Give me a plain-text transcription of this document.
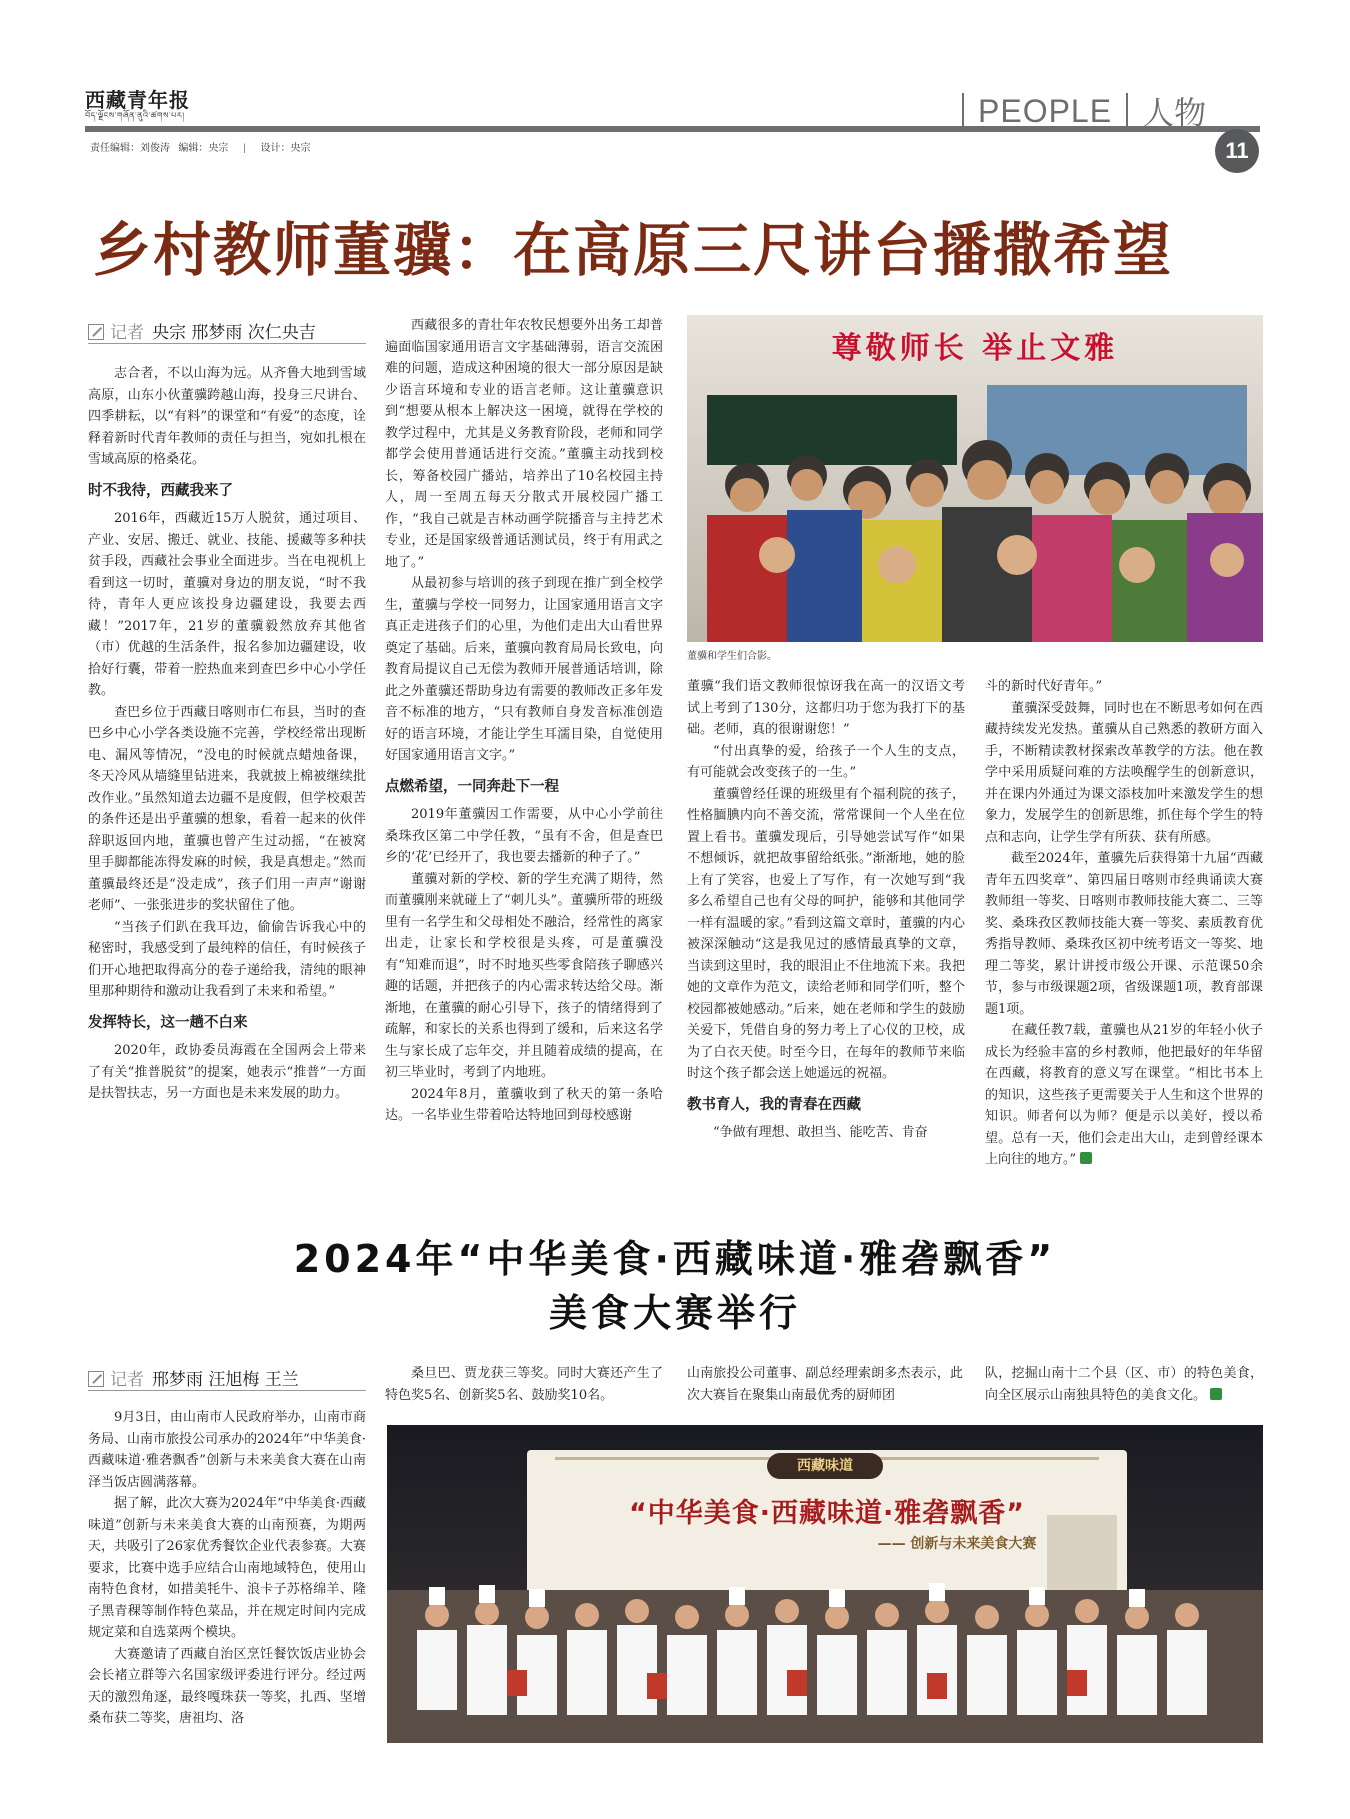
西藏青年报
བོད་ལྗོངས་གཞོན་ནུའི་ཚགས་པར།
责任编辑：刘俊涛 编辑：央宗 | 设计：央宗
PEOPLE 人物
11
乡村教师董骥：在高原三尺讲台播撒希望
记者 央宗 邢梦雨 次仁央吉

志合者，不以山海为远。从齐鲁大地到雪域高原，山东小伙董骥跨越山海，投身三尺讲台、四季耕耘，以“有料”的课堂和“有爱”的态度，诠释着新时代青年教师的责任与担当，宛如扎根在雪域高原的格桑花。

时不我待，西藏我来了

2016年，西藏近15万人脱贫，通过项目、产业、安居、搬迁、就业、技能、援藏等多种扶贫手段，西藏社会事业全面进步。当在电视机上看到这一切时，董骥对身边的朋友说，“时不我待，青年人更应该投身边疆建设，我要去西藏！”2017年，21岁的董骥毅然放弃其他省（市）优越的生活条件，报名参加边疆建设，收拾好行囊，带着一腔热血来到查巴乡中心小学任教。

查巴乡位于西藏日喀则市仁布县，当时的查巴乡中心小学各类设施不完善，学校经常出现断电、漏风等情况，“没电的时候就点蜡烛备课，冬天冷风从墙缝里钻进来，我就披上棉被继续批改作业。”虽然知道去边疆不是度假，但学校艰苦的条件还是出乎董骥的想象，看着一起来的伙伴辞职返回内地，董骥也曾产生过动摇，“在被窝里手脚都能冻得发麻的时候，我是真想走。”然而董骥最终还是“没走成”，孩子们用一声声“谢谢老师”、一张张进步的奖状留住了他。

“当孩子们趴在我耳边，偷偷告诉我心中的秘密时，我感受到了最纯粹的信任，有时候孩子们开心地把取得高分的卷子递给我，清纯的眼神里那种期待和激动让我看到了未来和希望。”

发挥特长，这一趟不白来

2020年，政协委员海霞在全国两会上带来了有关“推普脱贫”的提案，她表示“推普”一方面是扶智扶志，另一方面也是未来发展的助力。

西藏很多的青壮年农牧民想要外出务工却普遍面临国家通用语言文字基础薄弱，语言交流困难的问题，造成这种困境的很大一部分原因是缺少语言环境和专业的语言老师。这让董骥意识到“想要从根本上解决这一困境，就得在学校的教学过程中，尤其是义务教育阶段，老师和同学都学会使用普通话进行交流。”董骥主动找到校长，筹备校园广播站，培养出了10名校园主持人，周一至周五每天分散式开展校园广播工作，“我自己就是吉林动画学院播音与主持艺术专业，还是国家级普通话测试员，终于有用武之地了。”

从最初参与培训的孩子到现在推广到全校学生，董骥与学校一同努力，让国家通用语言文字真正走进孩子们的心里，为他们走出大山看世界奠定了基础。后来，董骥向教育局局长致电，向教育局提议自己无偿为教师开展普通话培训，除此之外董骥还帮助身边有需要的教师改正多年发音不标准的地方，“只有教师自身发音标准创造好的语言环境，才能让学生耳濡目染，自觉使用好国家通用语言文字。”

点燃希望，一同奔赴下一程

2019年董骥因工作需要，从中心小学前往桑珠孜区第二中学任教，“虽有不舍，但是查巴乡的‘花’已经开了，我也要去播新的种子了。”

董骥对新的学校、新的学生充满了期待，然而董骥刚来就碰上了“刺儿头”。董骥所带的班级里有一名学生和父母相处不融洽，经常性的离家出走，让家长和学校很是头疼，可是董骥没有“知难而退”，时不时地买些零食陪孩子聊感兴趣的话题，并把孩子的内心需求转达给父母。渐渐地，在董骥的耐心引导下，孩子的情绪得到了疏解，和家长的关系也得到了缓和，后来这名学生与家长成了忘年交，并且随着成绩的提高，在初三毕业时，考到了内地班。

2024年8月，董骥收到了秋天的第一条哈达。一名毕业生带着哈达特地回到母校感谢

尊敬师长 举止文雅
董骥和学生们合影。

董骥“我们语文教师很惊讶我在高一的汉语文考试上考到了130分，这都归功于您为我打下的基础。老师，真的很谢谢您！”

“付出真挚的爱，给孩子一个人生的支点，有可能就会改变孩子的一生。”

董骥曾经任课的班级里有个福利院的孩子，性格腼腆内向不善交流，常常课间一个人坐在位置上看书。董骥发现后，引导她尝试写作“如果不想倾诉，就把故事留给纸张。”渐渐地，她的脸上有了笑容，也爱上了写作，有一次她写到“我多么希望自己也有父母的呵护，能够和其他同学一样有温暖的家。”看到这篇文章时，董骥的内心被深深触动“这是我见过的感情最真挚的文章，当读到这里时，我的眼泪止不住地流下来。我把她的文章作为范文，读给老师和同学们听，整个校园都被她感动。”后来，她在老师和学生的鼓励关爱下，凭借自身的努力考上了心仪的卫校，成为了白衣天使。时至今日，在每年的教师节来临时这个孩子都会送上她遥远的祝福。

教书育人，我的青春在西藏

“争做有理想、敢担当、能吃苦、肯奋

斗的新时代好青年。”

董骥深受鼓舞，同时也在不断思考如何在西藏持续发光发热。董骥从自己熟悉的教研方面入手，不断精读教材探索改革教学的方法。他在教学中采用质疑问难的方法唤醒学生的创新意识，并在课内外通过为课文添枝加叶来激发学生的想象力，发展学生的创新思维，抓住每个学生的特点和志向，让学生学有所获、获有所感。

截至2024年，董骥先后获得第十九届“西藏青年五四奖章”、第四届日喀则市经典诵读大赛教师组一等奖、日喀则市教师技能大赛二、三等奖、桑珠孜区教师技能大赛一等奖、素质教育优秀指导教师、桑珠孜区初中统考语文一等奖、地理二等奖，累计讲授市级公开课、示范课50余节，参与市级课题2项，省级课题1项，教育部课题1项。

在藏任教7载，董骥也从21岁的年轻小伙子成长为经验丰富的乡村教师，他把最好的年华留在西藏，将教育的意义写在课堂。“相比书本上的知识，这些孩子更需要关于人生和这个世界的知识。师者何以为师？便是示以美好，授以希望。总有一天，他们会走出大山，走到曾经课本上向往的地方。”

2024年“中华美食·西藏味道·雅砻飘香”
美食大赛举行
记者 邢梦雨 汪旭梅 王兰

9月3日，由山南市人民政府举办，山南市商务局、山南市旅投公司承办的2024年“中华美食·西藏味道·雅砻飘香”创新与未来美食大赛在山南泽当饭店圆满落幕。

据了解，此次大赛为2024年“中华美食·西藏味道”创新与未来美食大赛的山南预赛，为期两天，共吸引了26家优秀餐饮企业代表参赛。大赛要求，比赛中选手应结合山南地域特色，使用山南特色食材，如措美牦牛、浪卡子苏格绵羊、隆子黑青稞等制作特色菜品，并在规定时间内完成规定菜和自选菜两个模块。

大赛邀请了西藏自治区烹饪餐饮饭店业协会会长褚立群等六名国家级评委进行评分。经过两天的激烈角逐，最终嘎珠获一等奖，扎西、坚增桑布获二等奖，唐祖均、洛

桑旦巴、贾龙获三等奖。同时大赛还产生了特色奖5名、创新奖5名、鼓励奖10名。

山南旅投公司董事、副总经理索朗多杰表示，此次大赛旨在聚集山南最优秀的厨师团

队，挖掘山南十二个县（区、市）的特色美食，向全区展示山南独具特色的美食文化。

西藏味道
“中华美食·西藏味道·雅砻飘香”
—— 创新与未来美食大赛
